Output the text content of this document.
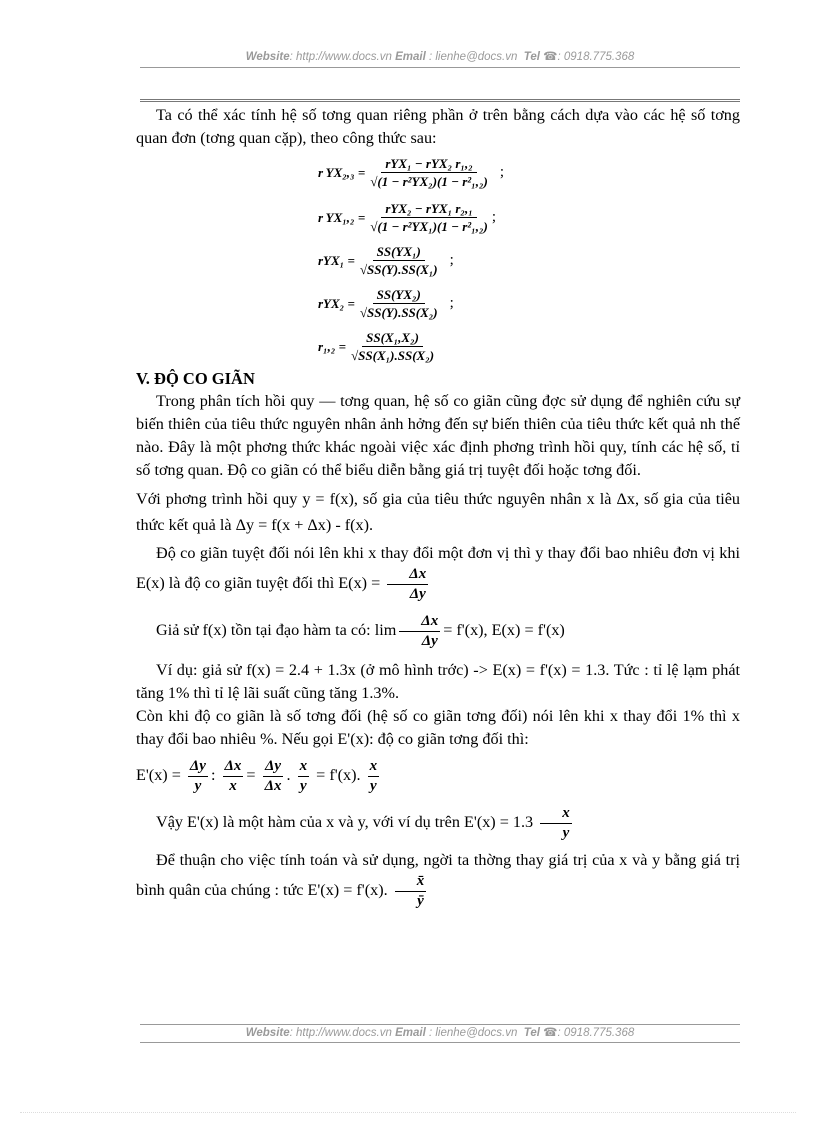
Website: http://www.docs.vn Email : lienhe@docs.vn Tel ☎: 0918.775.368

Ta có thể xác tính hệ số tơng quan riêng phần ở trên bằng cách dựa vào các hệ số tơng quan đơn (tơng quan cặp), theo công thức sau:

r $YX_2,_3 = \frac{\text{rYX₁ − rYX₂ r₁,₂}}{\text{√(1 − r²YX₂)(1 − r²₁,₂)}}$ ;
r $YX_1,_2 = \frac{\text{rYX₂ − rYX₁ r₂,₁}}{\text{√(1 − r²YX₁)(1 − r²₁,₂)}}$ ;
$rYX_1 = \frac{\text{SS(YX₁)}}{\text{√SS(Y).SS(X₁)}}$ ;
$rYX_2 = \frac{\text{SS(YX₂)}}{\text{√SS(Y).SS(X₂)}}$ ;
$r_1,_2 = \frac{\text{SS(X₁,X₂)}}{\text{√SS(X₁).SS(X₂)}}$
V. ĐỘ CO GIÃN

Trong phân tích hồi quy — tơng quan, hệ số co giãn cũng đợc sử dụng để nghiên cứu sự biến thiên của tiêu thức nguyên nhân ảnh hởng đến sự biến thiên của tiêu thức kết quả nh thế nào. Đây là một phơng thức khác ngoài việc xác định phơng trình hồi quy, tính các hệ số, tỉ số tơng quan. Độ co giãn có thể biểu diễn bằng giá trị tuyệt đối hoặc tơng đối.

Với phơng trình hồi quy y = f(x), số gia của tiêu thức nguyên nhân x là Δx, số gia của tiêu thức kết quả là Δy = f(x + Δx) - f(x).

Độ co giãn tuyệt đối nói lên khi x thay đổi một đơn vị thì y thay đổi bao nhiêu đơn vị khi E(x) là độ co giãn tuyệt đối thì $E(x) = \frac{\Delta x}{\Delta y}$

Giả sử f(x) tồn tại đạo hàm ta có: $\lim \frac{\Delta x}{\Delta y} = f'(x)$, E(x) = f'(x)

Ví dụ: giả sử f(x) = 2.4 + 1.3x (ở mô hình trớc) -> E(x) = f'(x) = 1.3. Tức : tỉ lệ lạm phát tăng 1% thì tỉ lệ lãi suất cũng tăng 1.3%.

Còn khi độ co giãn là số tơng đối (hệ số co giãn tơng đối) nói lên khi x thay đổi 1% thì x thay đổi bao nhiêu %. Nếu gọi E'(x): độ co giãn tơng đối thì:

$E'(x) = \frac{\Delta y}{y}$ : $\frac{\Delta x}{x} = \frac{\Delta y}{\Delta x}$ . $\frac{x}{y} = f'(x)$. $\frac{x}{y}$

Vậy E'(x) là một hàm của x và y, với ví dụ trên $E'(x) = 1.3 \frac{x}{y}$

Để thuận cho việc tính toán và sử dụng, ngời ta thờng thay giá trị của x và y bằng giá trị bình quân của chúng : tức E'(x) = f'(x). $\frac{x̄}{ȳ}$

Website: http://www.docs.vn Email : lienhe@docs.vn Tel ☎: 0918.775.368
